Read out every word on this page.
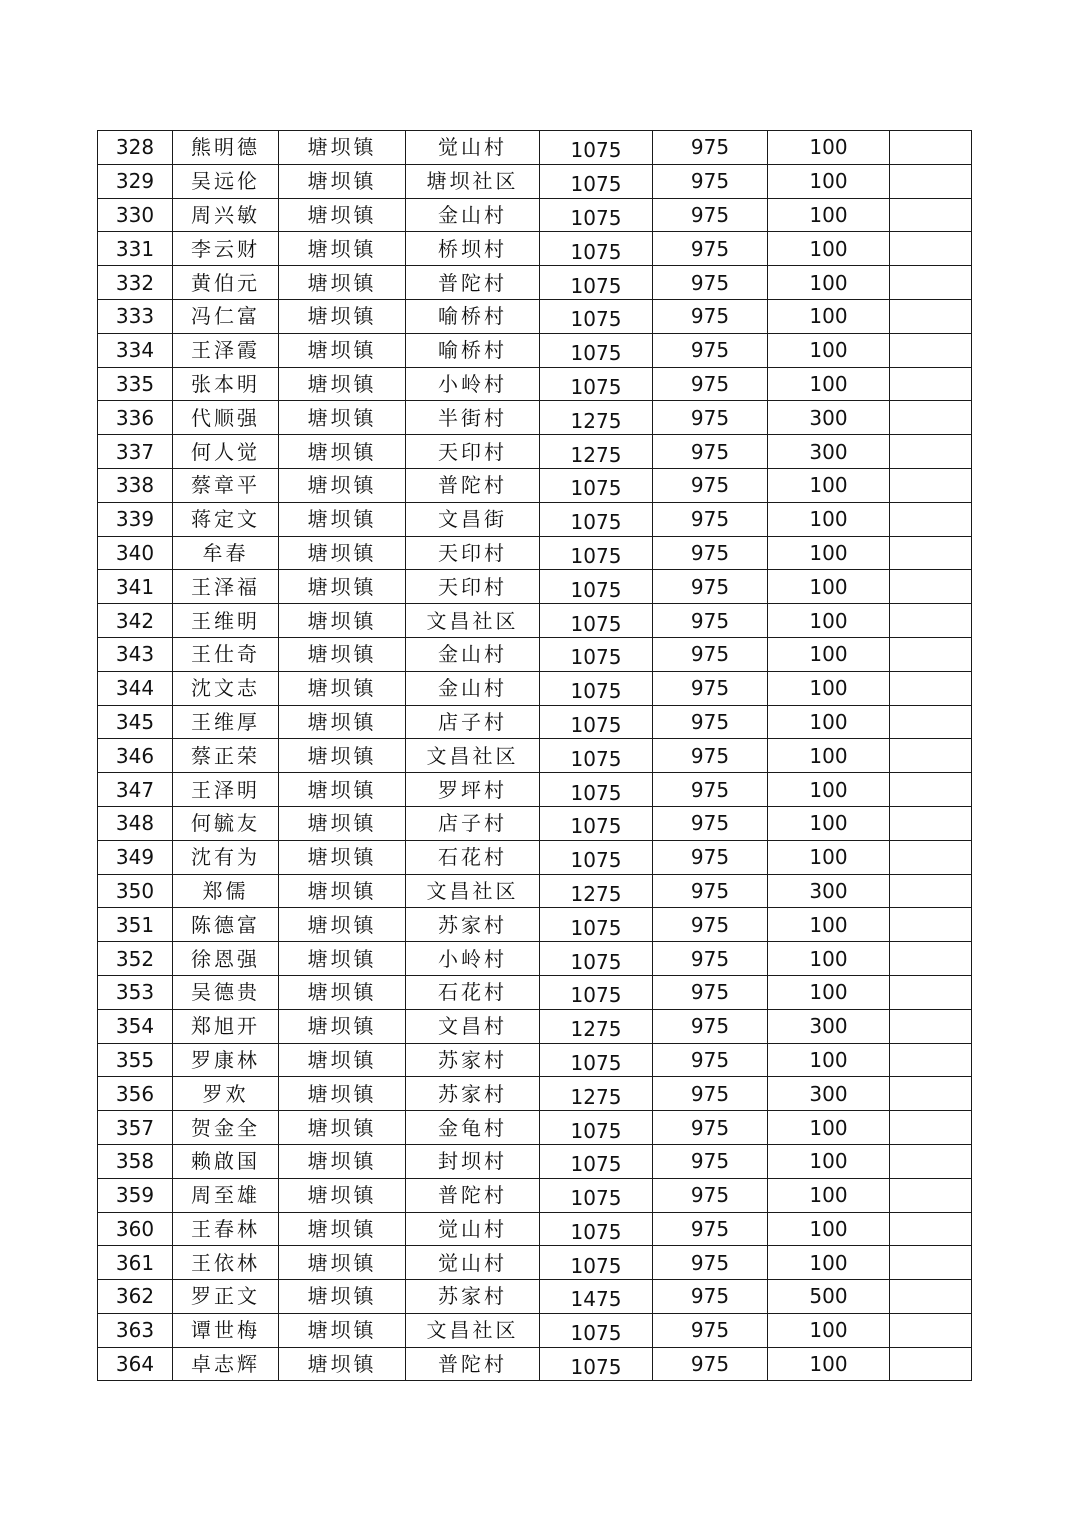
328	熊明德	塘坝镇	觉山村	1075	975	100	
329	吴远伦	塘坝镇	塘坝社区	1075	975	100	
330	周兴敏	塘坝镇	金山村	1075	975	100	
331	李云财	塘坝镇	桥坝村	1075	975	100	
332	黄伯元	塘坝镇	普陀村	1075	975	100	
333	冯仁富	塘坝镇	喻桥村	1075	975	100	
334	王泽霞	塘坝镇	喻桥村	1075	975	100	
335	张本明	塘坝镇	小岭村	1075	975	100	
336	代顺强	塘坝镇	半街村	1275	975	300	
337	何人觉	塘坝镇	天印村	1275	975	300	
338	蔡章平	塘坝镇	普陀村	1075	975	100	
339	蒋定文	塘坝镇	文昌街	1075	975	100	
340	牟春	塘坝镇	天印村	1075	975	100	
341	王泽福	塘坝镇	天印村	1075	975	100	
342	王维明	塘坝镇	文昌社区	1075	975	100	
343	王仕奇	塘坝镇	金山村	1075	975	100	
344	沈文志	塘坝镇	金山村	1075	975	100	
345	王维厚	塘坝镇	店子村	1075	975	100	
346	蔡正荣	塘坝镇	文昌社区	1075	975	100	
347	王泽明	塘坝镇	罗坪村	1075	975	100	
348	何毓友	塘坝镇	店子村	1075	975	100	
349	沈有为	塘坝镇	石花村	1075	975	100	
350	郑儒	塘坝镇	文昌社区	1275	975	300	
351	陈德富	塘坝镇	苏家村	1075	975	100	
352	徐恩强	塘坝镇	小岭村	1075	975	100	
353	吴德贵	塘坝镇	石花村	1075	975	100	
354	郑旭开	塘坝镇	文昌村	1275	975	300	
355	罗康林	塘坝镇	苏家村	1075	975	100	
356	罗欢	塘坝镇	苏家村	1275	975	300	
357	贺金全	塘坝镇	金龟村	1075	975	100	
358	赖啟国	塘坝镇	封坝村	1075	975	100	
359	周至雄	塘坝镇	普陀村	1075	975	100	
360	王春林	塘坝镇	觉山村	1075	975	100	
361	王依林	塘坝镇	觉山村	1075	975	100	
362	罗正文	塘坝镇	苏家村	1475	975	500	
363	谭世梅	塘坝镇	文昌社区	1075	975	100	
364	卓志辉	塘坝镇	普陀村	1075	975	100	
